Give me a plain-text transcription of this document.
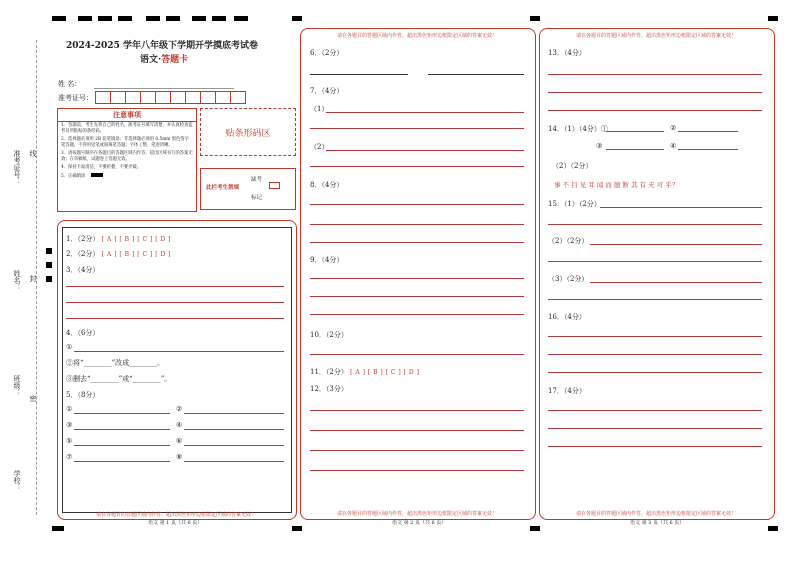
准考证号： 线
姓名： 封
班级：
密
学校：
2024-2025 学年八年级下学期开学摸底考试卷
语文·答题卡
姓 名：
准考证号：
注意事项
1．答题前，考生先将自己的姓名，准考证号填写清楚，并认真检查监考员所粘贴的条形码。
2．选择题必须用 2B 铅笔填涂；非选择题必须用 0.5mm 黑色签字笔答题，不得用铅笔或圆珠笔答题；字体工整、笔迹清晰。
3．请按题号顺序在各题目的答题区域内作答，超出区域书写的答案无效；在草稿纸、试题卷上答题无效。
4．保持卡面清洁，不要折叠、不要弄破。
5．正确填涂
贴条形码区
此栏考生禁填
缺考
标记
请在各题目的答题区域内作答，超出黑色矩形边框限定区域的答案无效！
1．（2分） [ A ] [ B ] [ C ] [ D ]
2．（2分） [ A ] [ B ] [ C ] [ D ]
3．（4分）
4．（6分）
①
②将“________”改成________。
③删去“________”或“________”。
5．（8分）
①	②
③	④
⑤	⑥
⑦	⑧
语文 第 1 页（共 6 页）
请在各题目的答题区域内作答，超出黑色矩形边框限定区域的答案无效！
请在各题目的答题区域内作答，超出黑色矩形边框限定区域的答案无效！
6．（2分）
7．（4分）
（1）
（2）
8．（4分）
9．（4分）
10．（2分）
11．（2分） [ A ] [ B ] [ C ] [ D ]
12．（3分）
语文 第 2 页（共 6 页）
请在各题目的答题区域内作答，超出黑色矩形边框限定区域的答案无效！
请在各题目的答题区域内作答，超出黑色矩形边框限定区域的答案无效！
13．（4分）
14．（1）（4分）①	②
③	④
（2）（2分）
事 不 目 见 耳 闻 而 臆 断 其 有 无 可 乎？
15．（1）（2分）
（2）（2分）
（3）（2分）
16．（4分）
17．（4分）
语文 第 3 页（共 6 页）
